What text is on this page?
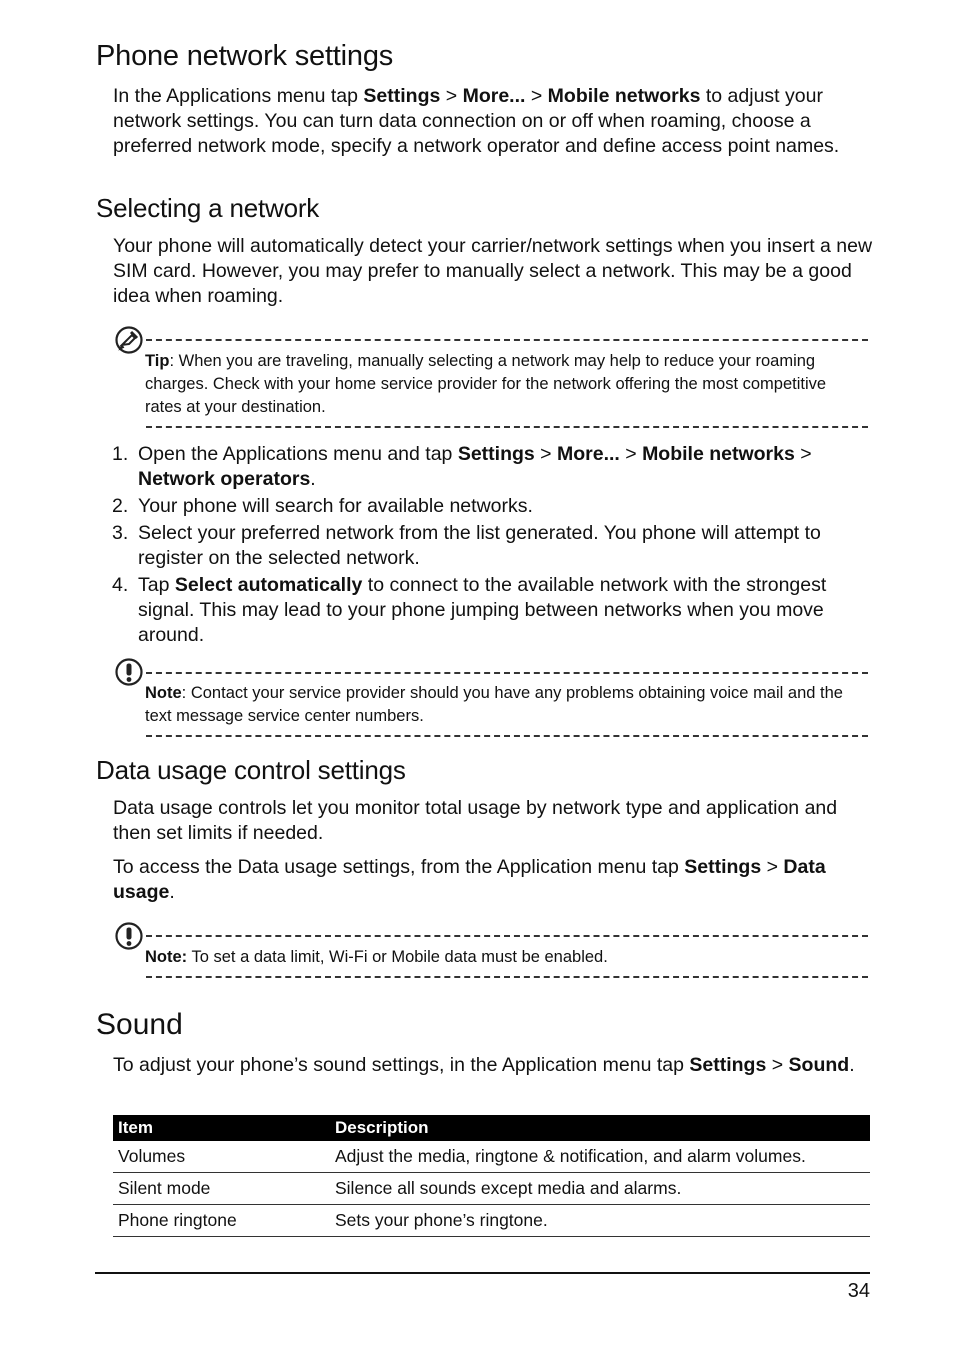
Phone network settings

In the Applications menu tap Settings > More... > Mobile networks to adjust your network settings. You can turn data connection on or off when roaming, choose a preferred network mode, specify a network operator and define access point names.

Selecting a network

Your phone will automatically detect your carrier/network settings when you insert a new SIM card. However, you may prefer to manually select a network. This may be a good idea when roaming.

Tip: When you are traveling, manually selecting a network may help to reduce your roaming charges. Check with your home service provider for the network offering the most competitive rates at your destination.
1. Open the Applications menu and tap Settings > More... > Mobile networks > Network operators.
2. Your phone will search for available networks.
3. Select your preferred network from the list generated. You phone will attempt to register on the selected network.
4. Tap Select automatically to connect to the available network with the strongest signal. This may lead to your phone jumping between networks when you move around.
Note: Contact your service provider should you have any problems obtaining voice mail and the text message service center numbers.
Data usage control settings

Data usage controls let you monitor total usage by network type and application and then set limits if needed.

To access the Data usage settings, from the Application menu tap Settings > Data usage.

Note: To set a data limit, Wi-Fi or Mobile data must be enabled.
Sound

To adjust your phone’s sound settings, in the Application menu tap Settings > Sound.

Item	Description
Volumes	Adjust the media, ringtone & notification, and alarm volumes.
Silent mode	Silence all sounds except media and alarms.
Phone ringtone	Sets your phone’s ringtone.
34
